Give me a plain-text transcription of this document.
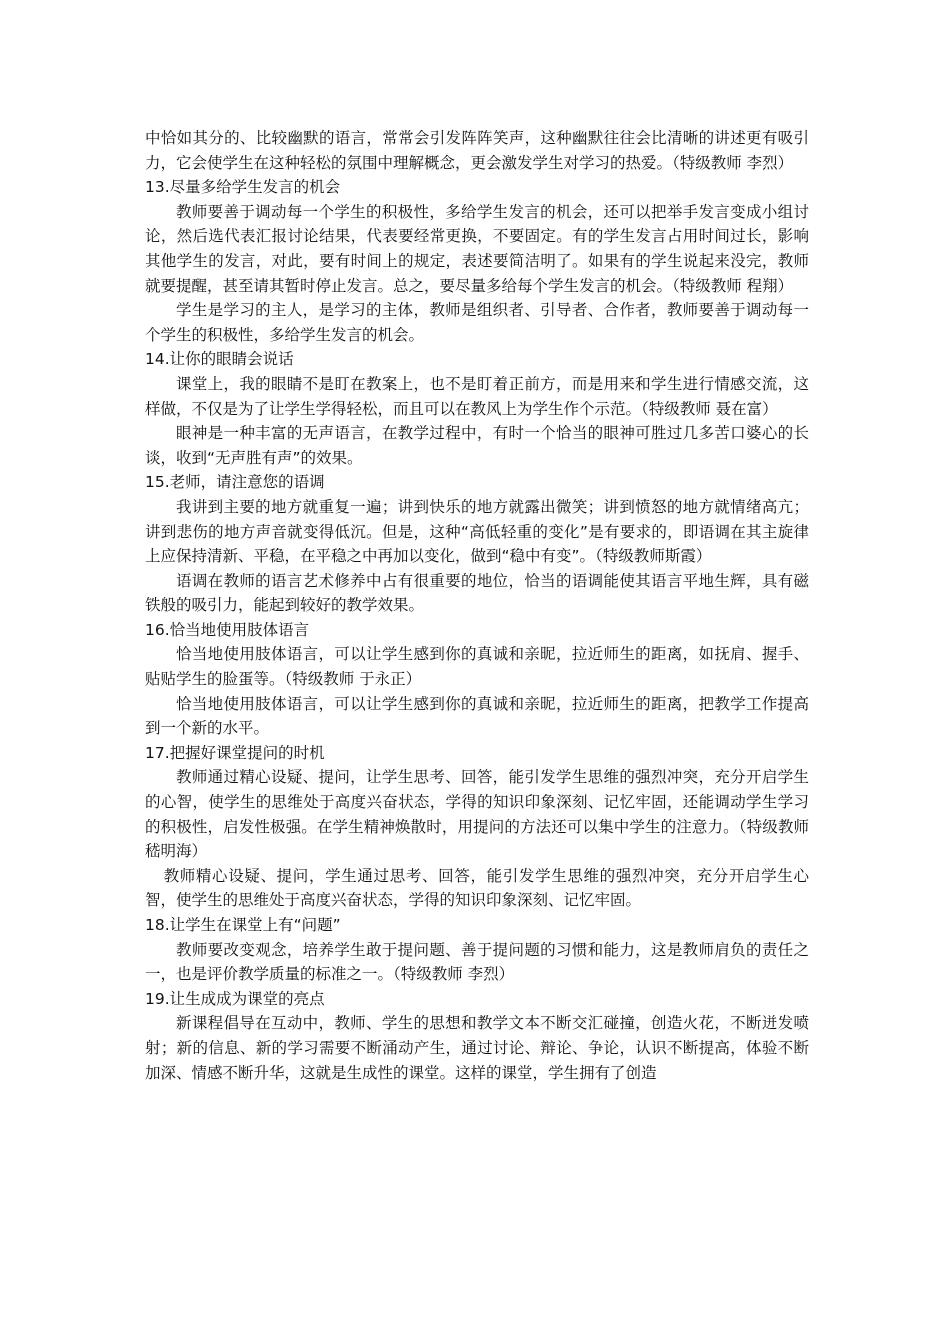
中恰如其分的、比较幽默的语言，常常会引发阵阵笑声，这种幽默往往会比清晰的讲述更有吸引力，它会使学生在这种轻松的氛围中理解概念，更会激发学生对学习的热爱。（特级教师 李烈）

13.尽量多给学生发言的机会

教师要善于调动每一个学生的积极性，多给学生发言的机会，还可以把举手发言变成小组讨论，然后选代表汇报讨论结果，代表要经常更换，不要固定。有的学生发言占用时间过长，影响其他学生的发言，对此，要有时间上的规定，表述要简洁明了。如果有的学生说起来没完，教师就要提醒，甚至请其暂时停止发言。总之，要尽量多给每个学生发言的机会。（特级教师 程翔）

学生是学习的主人，是学习的主体，教师是组织者、引导者、合作者，教师要善于调动每一个学生的积极性，多给学生发言的机会。

14.让你的眼睛会说话

课堂上，我的眼睛不是盯在教案上，也不是盯着正前方，而是用来和学生进行情感交流，这样做，不仅是为了让学生学得轻松，而且可以在教风上为学生作个示范。（特级教师 聂在富）

眼神是一种丰富的无声语言，在教学过程中，有时一个恰当的眼神可胜过几多苦口婆心的长谈，收到“无声胜有声”的效果。

15.老师，请注意您的语调

我讲到主要的地方就重复一遍；讲到快乐的地方就露出微笑；讲到愤怒的地方就情绪高亢；讲到悲伤的地方声音就变得低沉。但是，这种“高低轻重的变化”是有要求的，即语调在其主旋律上应保持清新、平稳，在平稳之中再加以变化，做到“稳中有变”。（特级教师斯霞）

语调在教师的语言艺术修养中占有很重要的地位，恰当的语调能使其语言平地生辉，具有磁铁般的吸引力，能起到较好的教学效果。

16.恰当地使用肢体语言

恰当地使用肢体语言，可以让学生感到你的真诚和亲昵，拉近师生的距离，如抚肩、握手、贴贴学生的脸蛋等。（特级教师 于永正）

恰当地使用肢体语言，可以让学生感到你的真诚和亲昵，拉近师生的距离，把教学工作提高到一个新的水平。

17.把握好课堂提问的时机

教师通过精心设疑、提问，让学生思考、回答，能引发学生思维的强烈冲突，充分开启学生的心智，使学生的思维处于高度兴奋状态，学得的知识印象深刻、记忆牢固，还能调动学生学习的积极性，启发性极强。在学生精神焕散时，用提问的方法还可以集中学生的注意力。（特级教师 嵇明海）

教师精心设疑、提问，学生通过思考、回答，能引发学生思维的强烈冲突，充分开启学生心智，使学生的思维处于高度兴奋状态，学得的知识印象深刻、记忆牢固。

18.让学生在课堂上有“问题”

教师要改变观念，培养学生敢于提问题、善于提问题的习惯和能力，这是教师肩负的责任之一，也是评价教学质量的标准之一。（特级教师 李烈）

19.让生成成为课堂的亮点

新课程倡导在互动中，教师、学生的思想和教学文本不断交汇碰撞，创造火花，不断迸发喷射；新的信息、新的学习需要不断涌动产生，通过讨论、辩论、争论，认识不断提高，体验不断加深、情感不断升华，这就是生成性的课堂。这样的课堂，学生拥有了创造
